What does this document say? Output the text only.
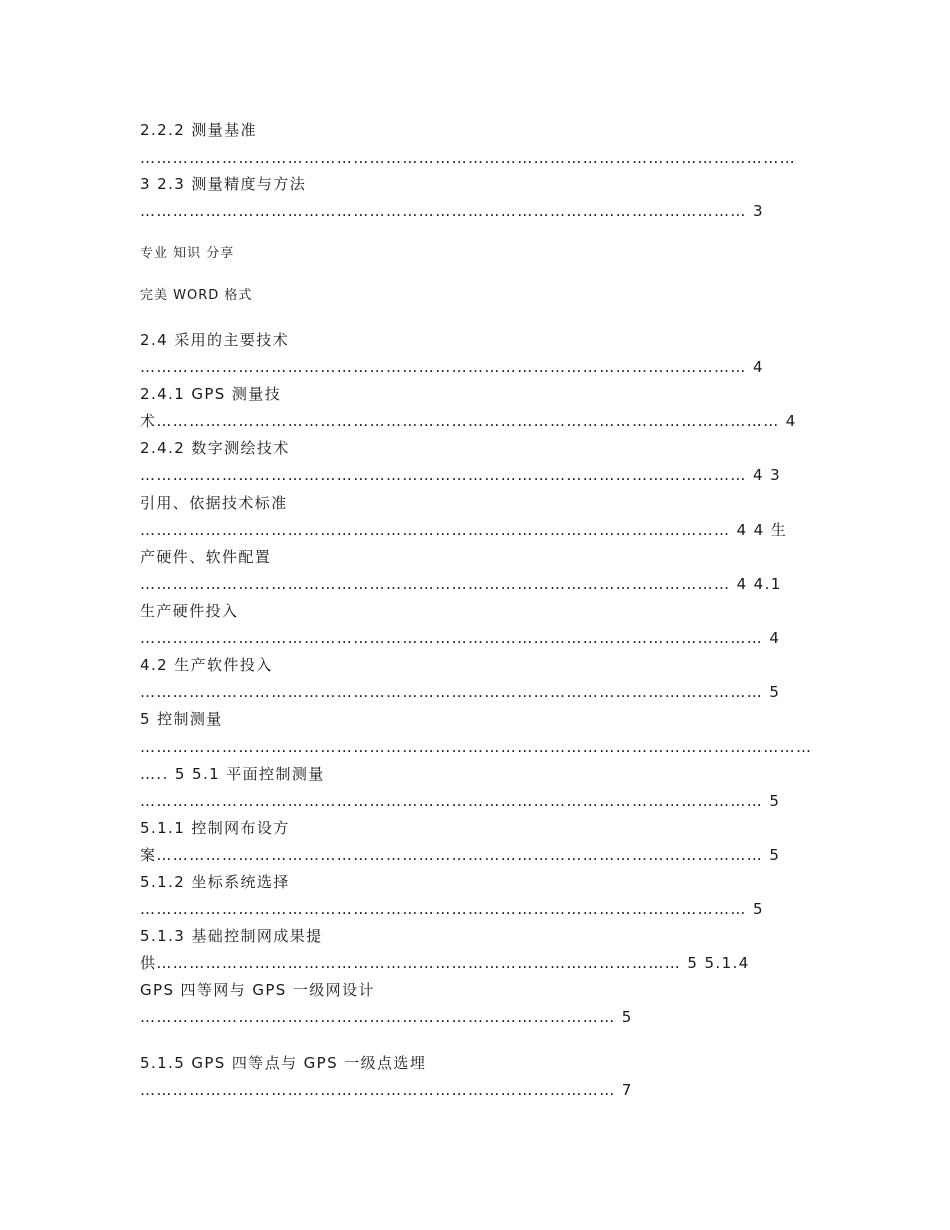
2.2.2 测量基准
…………………………………………………………………………………………………………
3 2.3 测量精度与方法
………………………………………………………………………………………………… 3
专业 知识 分享
完美 WORD 格式
2.4 采用的主要技术
………………………………………………………………………………………………… 4
2.4.1 GPS 测量技
术…………………………………………………………………………………………………… 4
2.4.2 数字测绘技术
………………………………………………………………………………………………… 4 3
引用、依据技术标准
……………………………………………………………………………………………… 4 4 生
产硬件、软件配置
……………………………………………………………………………………………… 4 4.1
生产硬件投入
…………………………………………………………………………………………………… 4
4.2 生产软件投入
…………………………………………………………………………………………………… 5
5 控制测量
……………………………………………………………………………………………………………
….. 5 5.1 平面控制测量
…………………………………………………………………………………………………… 5
5.1.1 控制网布设方
案………………………………………………………………………………………………… 5
5.1.2 坐标系统选择
………………………………………………………………………………………………… 5
5.1.3 基础控制网成果提
供…………………………………………………………………………………… 5 5.1.4
GPS 四等网与 GPS 一级网设计
…………………………………………………………………………… 5
5.1.5 GPS 四等点与 GPS 一级点选埋
…………………………………………………………………………… 7
